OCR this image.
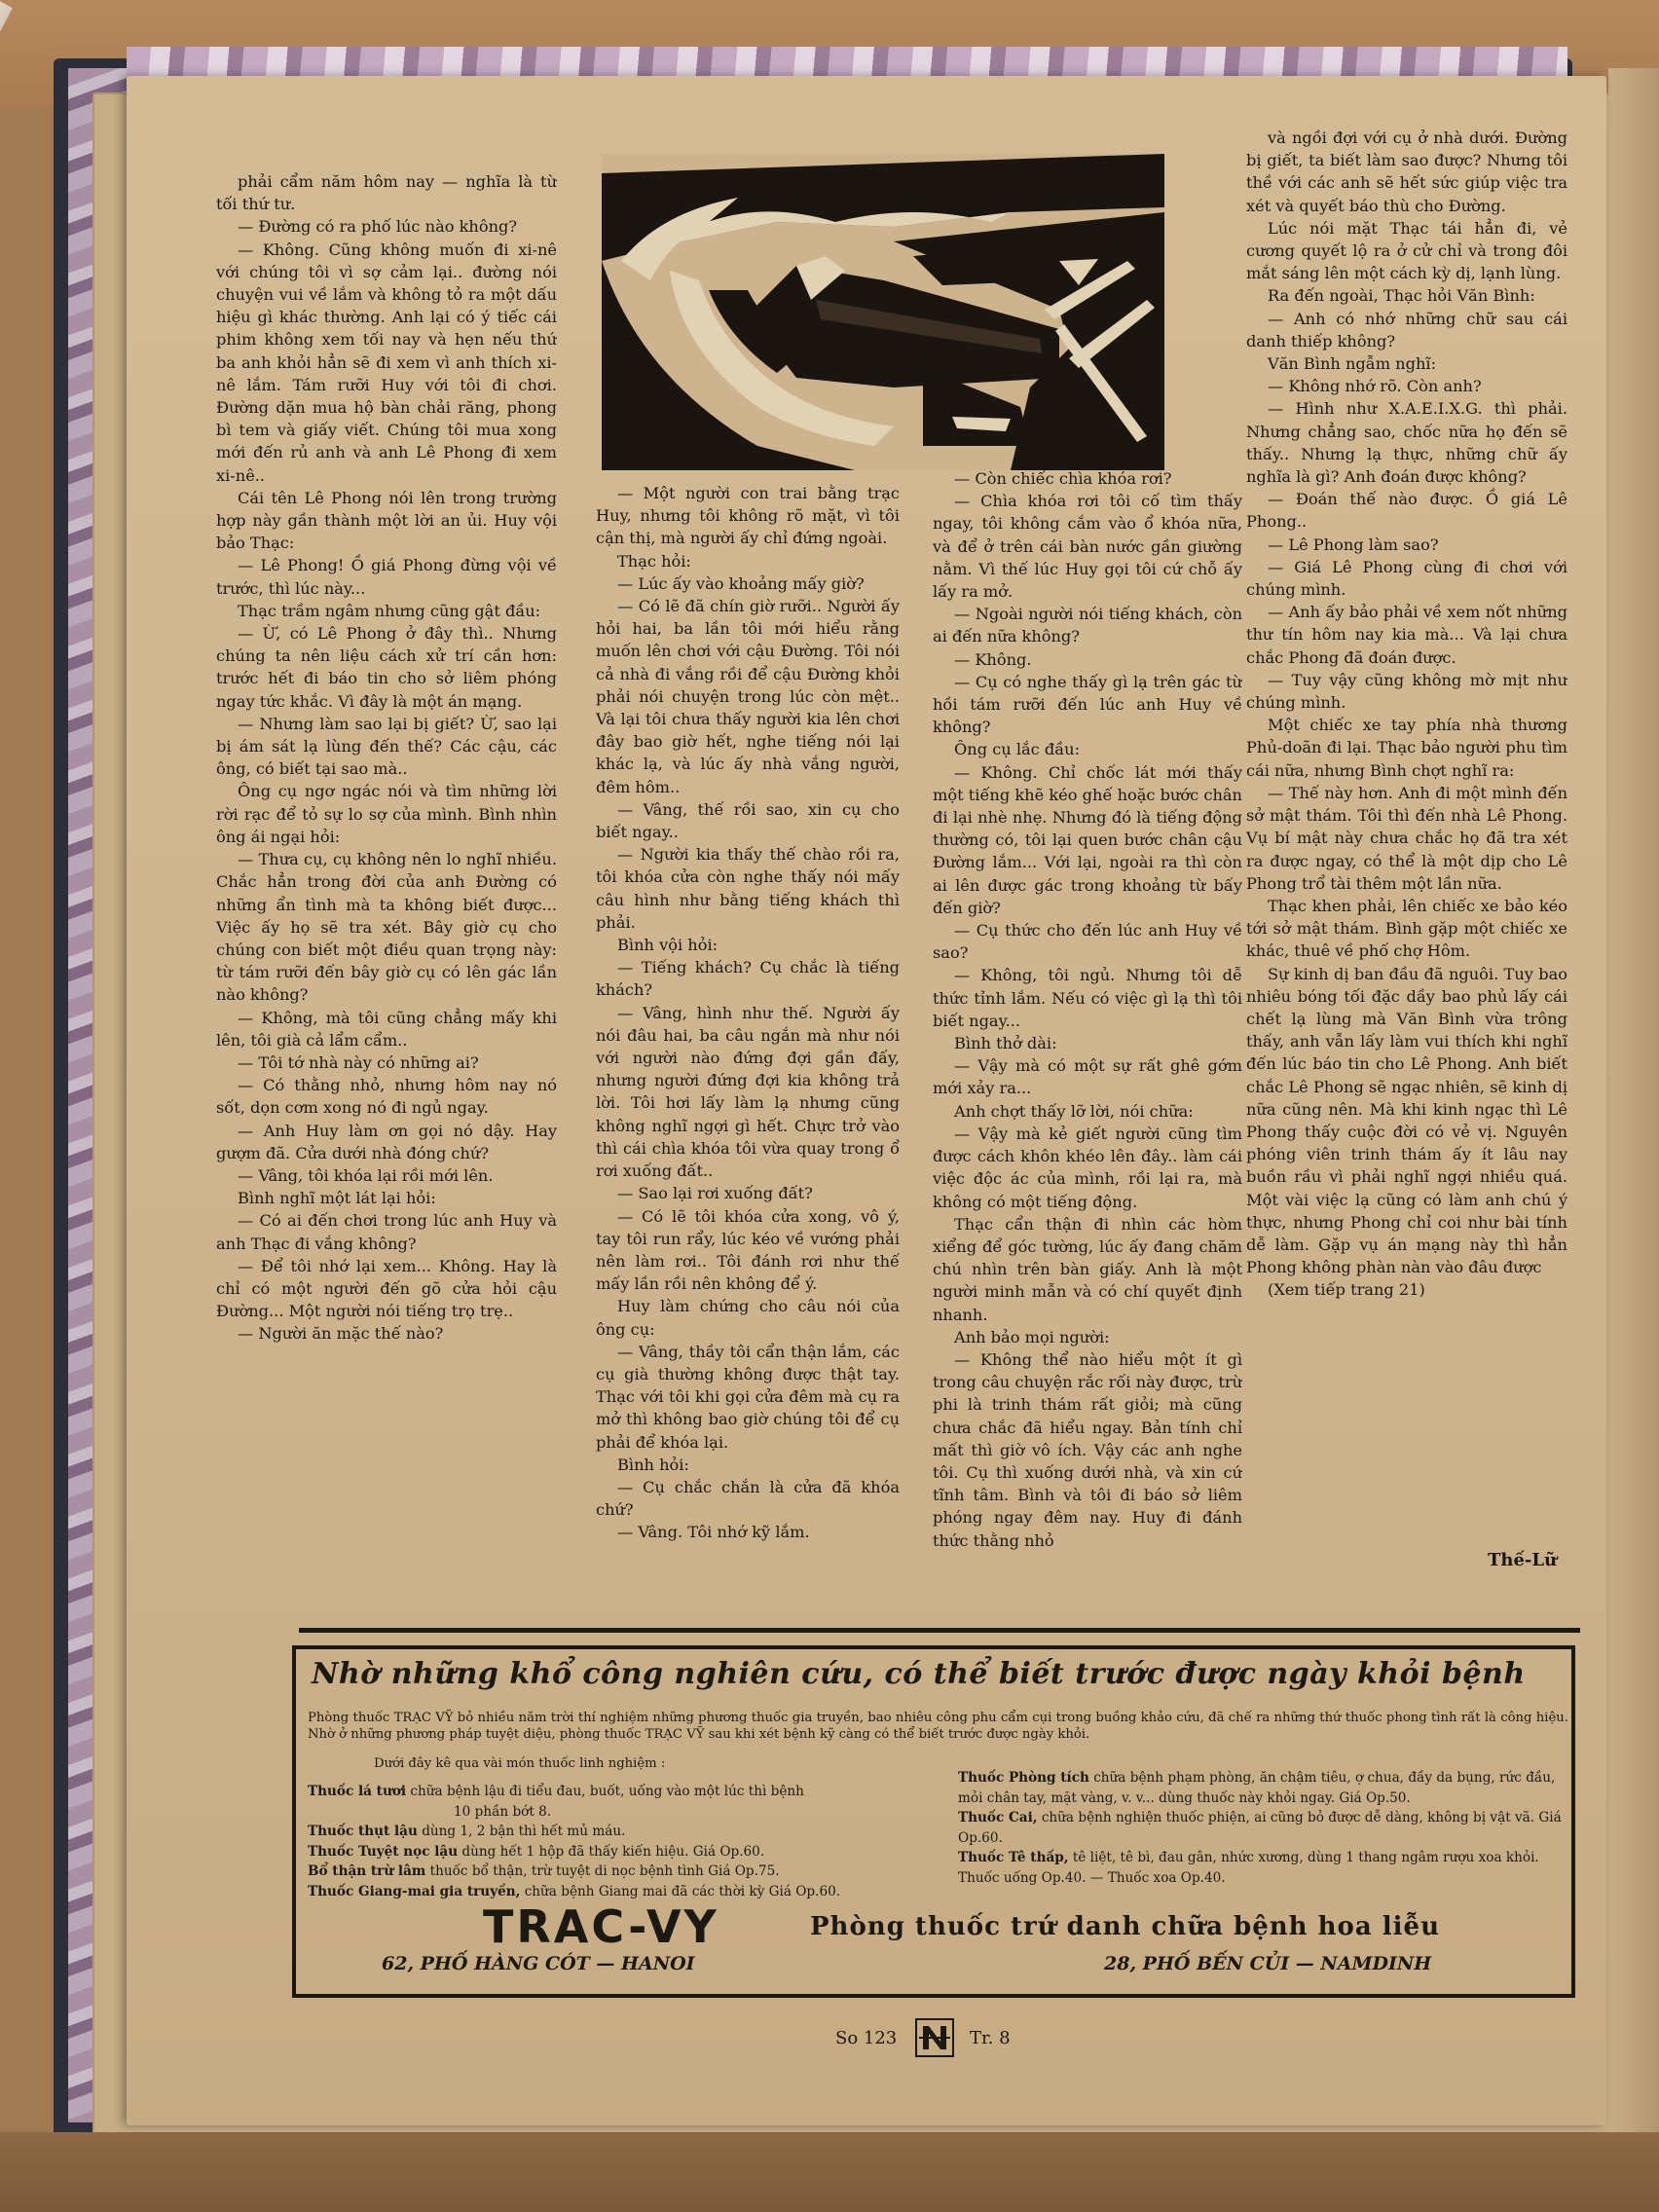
phải cẩm năm hôm nay — nghĩa là từ tối thứ tư.

— Đường có ra phố lúc nào không?

— Không. Cũng không muốn đi xi-nê với chúng tôi vì sợ cảm lại.. đường nói chuyện vui về lắm và không tỏ ra một dấu hiệu gì khác thường. Anh lại có ý tiếc cái phim không xem tối nay và hẹn nếu thứ ba anh khỏi hẳn sẽ đi xem vì anh thích xi-nê lắm. Tám rưỡi Huy với tôi đi chơi. Đường dặn mua hộ bàn chải răng, phong bì tem và giấy viết. Chúng tôi mua xong mới đến rủ anh và anh Lê Phong đi xem xi-nê..

Cái tên Lê Phong nói lên trong trường hợp này gần thành một lời an ủi. Huy vội bảo Thạc:

— Lê Phong! Ồ giá Phong đừng vội về trước, thì lúc này...

Thạc trầm ngâm nhưng cũng gật đầu:

— Ừ, có Lê Phong ở đây thì.. Nhưng chúng ta nên liệu cách xử trí cần hơn: trước hết đi báo tin cho sở liêm phóng ngay tức khắc. Vì đây là một án mạng.

— Nhưng làm sao lại bị giết? Ừ, sao lại bị ám sát lạ lùng đến thế? Các cậu, các ông, có biết tại sao mà..

Ông cụ ngơ ngác nói và tìm những lời rời rạc để tỏ sự lo sợ của mình. Bình nhìn ông ái ngại hỏi:

— Thưa cụ, cụ không nên lo nghĩ nhiều. Chắc hẳn trong đời của anh Đường có những ẩn tình mà ta không biết được... Việc ấy họ sẽ tra xét. Bây giờ cụ cho chúng con biết một điều quan trọng này: từ tám rưỡi đến bây giờ cụ có lên gác lần nào không?

— Không, mà tôi cũng chẳng mấy khi lên, tôi già cả lẩm cẩm..

— Tôi tớ nhà này có những ai?

— Có thằng nhỏ, nhưng hôm nay nó sốt, dọn cơm xong nó đi ngủ ngay.

— Anh Huy làm ơn gọi nó dậy. Hay gượm đã. Cửa dưới nhà đóng chứ?

— Vâng, tôi khóa lại rồi mới lên.

Bình nghĩ một lát lại hỏi:

— Có ai đến chơi trong lúc anh Huy và anh Thạc đi vắng không?

— Để tôi nhớ lại xem... Không. Hay là chỉ có một người đến gõ cửa hỏi cậu Đường... Một người nói tiếng trọ trẹ..

— Người ăn mặc thế nào?

— Một người con trai bằng trạc Huy, nhưng tôi không rõ mặt, vì tôi cận thị, mà người ấy chỉ đứng ngoài.

Thạc hỏi:

— Lúc ấy vào khoảng mấy giờ?

— Có lẽ đã chín giờ rưỡi.. Người ấy hỏi hai, ba lần tôi mới hiểu rằng muốn lên chơi với cậu Đường. Tôi nói cả nhà đi vắng rồi để cậu Đường khỏi phải nói chuyện trong lúc còn mệt.. Và lại tôi chưa thấy người kia lên chơi đây bao giờ hết, nghe tiếng nói lại khác lạ, và lúc ấy nhà vắng người, đêm hôm..

— Vâng, thế rồi sao, xin cụ cho biết ngay..

— Người kia thấy thế chào rồi ra, tôi khóa cửa còn nghe thấy nói mấy câu hình như bằng tiếng khách thì phải.

Bình vội hỏi:

— Tiếng khách? Cụ chắc là tiếng khách?

— Vâng, hình như thế. Người ấy nói đâu hai, ba câu ngắn mà như nói với người nào đứng đợi gần đấy, nhưng người đứng đợi kia không trả lời. Tôi hơi lấy làm lạ nhưng cũng không nghĩ ngợi gì hết. Chực trở vào thì cái chìa khóa tôi vừa quay trong ổ rơi xuống đất..

— Sao lại rơi xuống đất?

— Có lẽ tôi khóa cửa xong, vô ý, tay tôi run rẩy, lúc kéo về vướng phải nên làm rơi.. Tôi đánh rơi như thế mấy lần rồi nên không để ý.

Huy làm chứng cho câu nói của ông cụ:

— Vâng, thầy tôi cẩn thận lắm, các cụ già thường không được thật tay. Thạc với tôi khi gọi cửa đêm mà cụ ra mở thì không bao giờ chúng tôi để cụ phải để khóa lại.

Bình hỏi:

— Cụ chắc chắn là cửa đã khóa chứ?

— Vâng. Tôi nhớ kỹ lắm.

— Còn chiếc chìa khóa rơi?

— Chìa khóa rơi tôi cố tìm thấy ngay, tôi không cắm vào ổ khóa nữa, và để ở trên cái bàn nước gần giường nằm. Vì thế lúc Huy gọi tôi cứ chỗ ấy lấy ra mở.

— Ngoài người nói tiếng khách, còn ai đến nữa không?

— Không.

— Cụ có nghe thấy gì lạ trên gác từ hồi tám rưỡi đến lúc anh Huy về không?

Ông cụ lắc đầu:

— Không. Chỉ chốc lát mới thấy một tiếng khẽ kéo ghế hoặc bước chân đi lại nhè nhẹ. Nhưng đó là tiếng động thường có, tôi lại quen bước chân cậu Đường lắm... Với lại, ngoài ra thì còn ai lên được gác trong khoảng từ bấy đến giờ?

— Cụ thức cho đến lúc anh Huy về sao?

— Không, tôi ngủ. Nhưng tôi dễ thức tỉnh lắm. Nếu có việc gì lạ thì tôi biết ngay...

Bình thở dài:

— Vậy mà có một sự rất ghê gớm mới xảy ra...

Anh chợt thấy lỡ lời, nói chữa:

— Vậy mà kẻ giết người cũng tìm được cách khôn khéo lên đây.. làm cái việc độc ác của mình, rồi lại ra, mà không có một tiếng động.

Thạc cẩn thận đi nhìn các hòm xiểng để góc tường, lúc ấy đang chăm chú nhìn trên bàn giấy. Anh là một người minh mẫn và có chí quyết định nhanh.

Anh bảo mọi người:

— Không thể nào hiểu một ít gì trong câu chuyện rắc rối này được, trừ phi là trinh thám rất giỏi; mà cũng chưa chắc đã hiểu ngay. Bản tính chỉ mất thì giờ vô ích. Vậy các anh nghe tôi. Cụ thì xuống dưới nhà, và xin cứ tĩnh tâm. Bình và tôi đi báo sở liêm phóng ngay đêm nay. Huy đi đánh thức thằng nhỏ

và ngồi đợi với cụ ở nhà dưới. Đường bị giết, ta biết làm sao được? Nhưng tôi thề với các anh sẽ hết sức giúp việc tra xét và quyết báo thù cho Đường.

Lúc nói mặt Thạc tái hẳn đi, vẻ cương quyết lộ ra ở cử chỉ và trong đôi mắt sáng lên một cách kỳ dị, lạnh lùng.

Ra đến ngoài, Thạc hỏi Văn Bình:

— Anh có nhớ những chữ sau cái danh thiếp không?

Văn Bình ngẫm nghĩ:

— Không nhớ rõ. Còn anh?

— Hình như X.A.E.I.X.G. thì phải. Nhưng chẳng sao, chốc nữa họ đến sẽ thấy.. Nhưng lạ thực, những chữ ấy nghĩa là gì? Anh đoán được không?

— Đoán thế nào được. Ồ giá Lê Phong..

— Lê Phong làm sao?

— Giá Lê Phong cùng đi chơi với chúng mình.

— Anh ấy bảo phải về xem nốt những thư tín hôm nay kia mà... Và lại chưa chắc Phong đã đoán được.

— Tuy vậy cũng không mờ mịt như chúng mình.

Một chiếc xe tay phía nhà thương Phủ-doãn đi lại. Thạc bảo người phu tìm cái nữa, nhưng Bình chợt nghĩ ra:

— Thế này hơn. Anh đi một mình đến sở mật thám. Tôi thì đến nhà Lê Phong. Vụ bí mật này chưa chắc họ đã tra xét ra được ngay, có thể là một dịp cho Lê Phong trổ tài thêm một lần nữa.

Thạc khen phải, lên chiếc xe bảo kéo tới sở mật thám. Bình gặp một chiếc xe khác, thuê về phố chợ Hôm.

Sự kinh dị ban đầu đã nguôi. Tuy bao nhiêu bóng tối đặc dầy bao phủ lấy cái chết lạ lùng mà Văn Bình vừa trông thấy, anh vẫn lấy làm vui thích khi nghĩ đến lúc báo tin cho Lê Phong. Anh biết chắc Lê Phong sẽ ngạc nhiên, sẽ kinh dị nữa cũng nên. Mà khi kinh ngạc thì Lê Phong thấy cuộc đời có vẻ vị. Nguyên phóng viên trinh thám ấy ít lâu nay buồn rầu vì phải nghĩ ngợi nhiều quá. Một vài việc lạ cũng có làm anh chú ý thực, nhưng Phong chỉ coi như bài tính dễ làm. Gặp vụ án mạng này thì hẳn Phong không phàn nàn vào đâu được

(Xem tiếp trang 21)

Thế-Lữ
Nhờ những khổ công nghiên cứu, có thể biết trước được ngày khỏi bệnh

Phòng thuốc TRẠC VỸ bỏ nhiều năm trời thí nghiệm những phương thuốc gia truyền, bao nhiêu công phu cẩm cụi trong buồng khảo cứu, đã chế ra những thứ thuốc phong tình rất là công hiệu. Nhờ ở những phương pháp tuyệt diệu, phòng thuốc TRẠC VỸ sau khi xét bệnh kỹ càng có thể biết trước được ngày khỏi.

Dưới đây kê qua vài món thuốc linh nghiệm :

Thuốc lá tươi chữa bệnh lậu đi tiểu đau, buốt, uống vào một lúc thì bệnh

10 phần bớt 8.

Thuốc thụt lậu dùng 1, 2 bận thì hết mủ máu.

Thuốc Tuyệt nọc lậu dùng hết 1 hộp đã thấy kiến hiệu. Giá Op.60.

Bổ thận trừ lâm thuốc bổ thận, trừ tuyệt di nọc bệnh tình Giá Op.75.

Thuốc Giang-mai gia truyền, chữa bệnh Giang mai đã các thời kỳ Giá Op.60.

Thuốc Phòng tích chữa bệnh phạm phòng, ăn chậm tiêu, ợ chua, đầy da bụng, rức đầu, mỏi chân tay, mặt vàng, v. v... dùng thuốc này khỏi ngay. Giá Op.50.

Thuốc Cai, chữa bệnh nghiện thuốc phiện, ai cũng bỏ được dễ dàng, không bị vật vã. Giá Op.60.

Thuốc Tê thấp, tê liệt, tê bì, đau gân, nhức xương, dùng 1 thang ngâm rượu xoa khỏi. Thuốc uống Op.40. — Thuốc xoa Op.40.

TRAC-VY	Phòng thuốc trứ danh chữa bệnh hoa liễu
62, PHỐ HÀNG CÓT — HANOI	28, PHỐ BẾN CỦI — NAMDINH
So 123	Tr. 8
